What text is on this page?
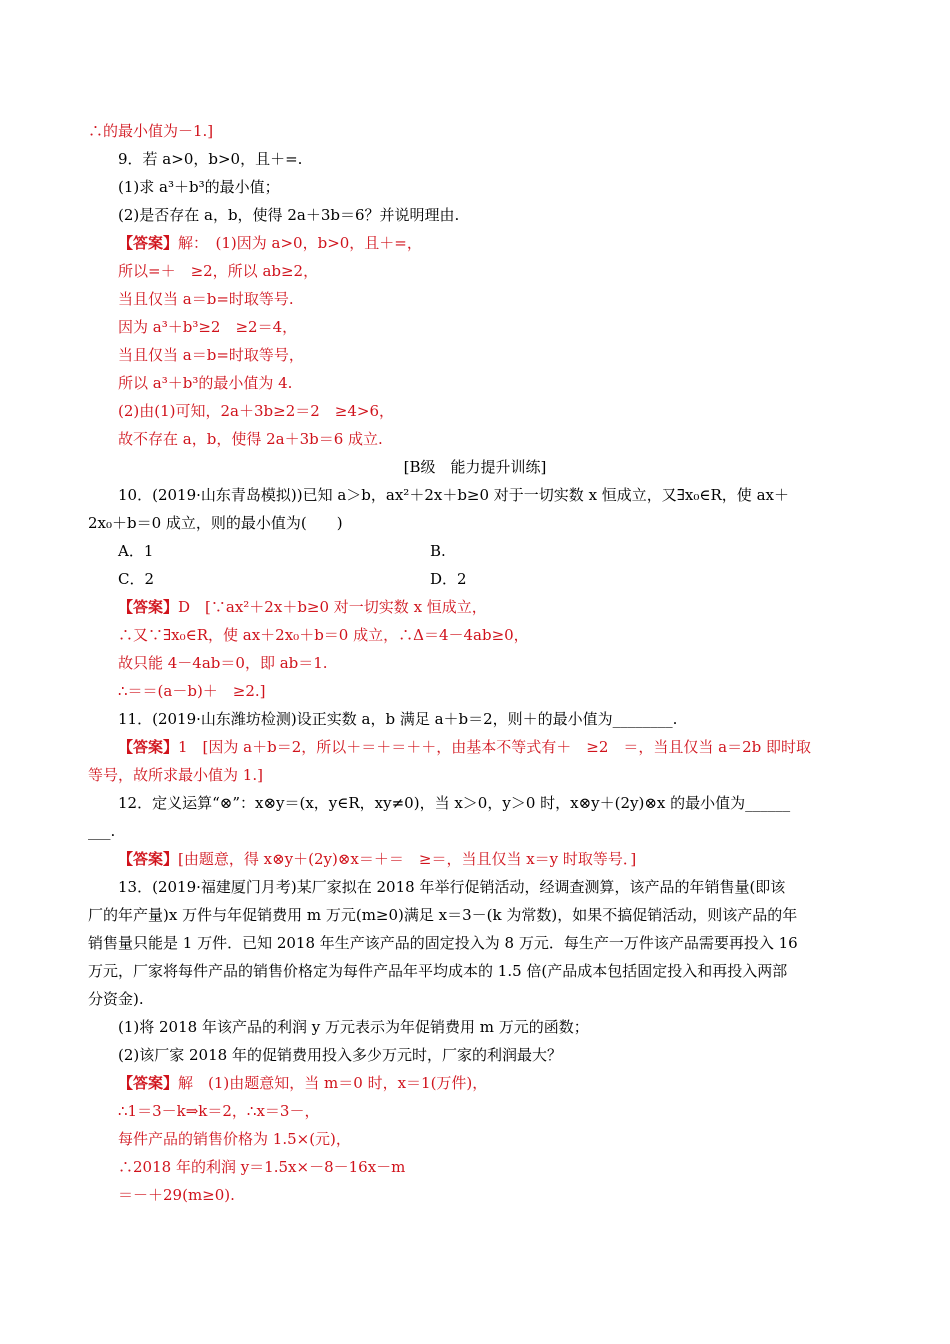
∴的最小值为－1.]
9．若 a>0，b>0，且＋=.
(1)求 a³＋b³的最小值；
(2)是否存在 a，b，使得 2a＋3b＝6？并说明理由.
【答案】解：　(1)因为 a>0，b>0，且＋=，
所以=＋　≥2，所以 ab≥2，
当且仅当 a＝b=时取等号.
因为 a³＋b³≥2　≥2＝4，
当且仅当 a＝b=时取等号，
所以 a³＋b³的最小值为 4.
(2)由(1)可知，2a＋3b≥2＝2　≥4>6，
故不存在 a，b，使得 2a＋3b＝6 成立.
[B级　能力提升训练]
10．(2019·山东青岛模拟))已知 a＞b，ax²＋2x＋b≥0 对于一切实数 x 恒成立，又∃x₀∈R，使 ax＋
2x₀＋b＝0 成立，则的最小值为(　　)
A．1	B.
C．2	D．2
【答案】D　[∵ax²＋2x＋b≥0 对一切实数 x 恒成立，
∴又∵∃x₀∈R，使 ax＋2x₀＋b＝0 成立，∴Δ＝4－4ab≥0，
故只能 4－4ab＝0，即 ab＝1.
∴＝＝(a－b)＋　≥2.]
11．(2019·山东潍坊检测)设正实数 a，b 满足 a＋b＝2，则＋的最小值为________.
【答案】1　[因为 a＋b＝2，所以＋＝＋＝＋＋，由基本不等式有＋　≥2　＝，当且仅当 a＝2b 即时取
等号，故所求最小值为 1.]
12．定义运算“⊗”：x⊗y＝(x，y∈R，xy≠0)，当 x＞0，y＞0 时，x⊗y＋(2y)⊗x 的最小值为______
___.
【答案】[由题意，得 x⊗y＋(2y)⊗x＝＋＝　≥＝，当且仅当 x＝y 时取等号．]
13．(2019·福建厦门月考)某厂家拟在 2018 年举行促销活动，经调查测算，该产品的年销售量(即该
厂的年产量)x 万件与年促销费用 m 万元(m≥0)满足 x＝3－(k 为常数)，如果不搞促销活动，则该产品的年
销售量只能是 1 万件．已知 2018 年生产该产品的固定投入为 8 万元．每生产一万件该产品需要再投入 16
万元，厂家将每件产品的销售价格定为每件产品年平均成本的 1.5 倍(产品成本包括固定投入和再投入两部
分资金).
(1)将 2018 年该产品的利润 y 万元表示为年促销费用 m 万元的函数；
(2)该厂家 2018 年的促销费用投入多少万元时，厂家的利润最大？
【答案】解　(1)由题意知，当 m＝0 时，x＝1(万件)，
∴1＝3－k⇒k＝2，∴x＝3－，
每件产品的销售价格为 1.5×(元)，
∴2018 年的利润 y＝1.5x×－8－16x－m
＝－＋29(m≥0).
